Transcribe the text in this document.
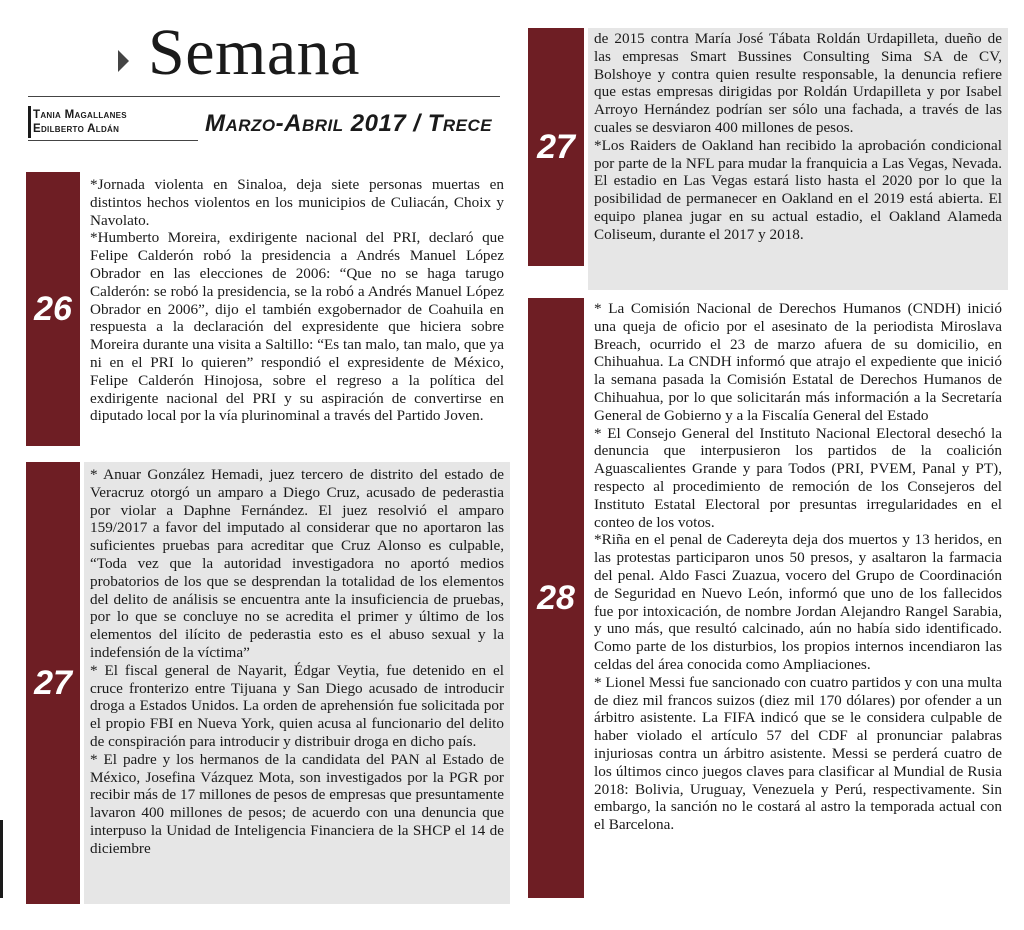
Semana
Tania Magallanes
Edilberto Aldán	Marzo-Abril 2017 / Trece
26

*Jornada violenta en Sinaloa, deja siete personas muertas en distintos hechos violentos en los municipios de Culiacán, Choix y Navolato.

*Humberto Moreira, exdirigente nacional del PRI, declaró que Felipe Calderón robó la presidencia a Andrés Manuel López Obrador en las elecciones de 2006: “Que no se haga tarugo Calderón: se robó la presidencia, se la robó a Andrés Manuel López Obrador en 2006”, dijo el también exgobernador de Coahuila en respuesta a la declaración del expresidente que hiciera sobre Moreira durante una visita a Saltillo: “Es tan malo, tan malo, que ya ni en el PRI lo quieren” respondió el expresidente de México, Felipe Calderón Hinojosa, sobre el regreso a la política del exdirigente nacional del PRI y su aspiración de convertirse en diputado local por la vía plurinominal a través del Partido Joven.

27

* Anuar González Hemadi, juez tercero de distrito del estado de Veracruz otorgó un amparo a Diego Cruz, acusado de pederastia por violar a Daphne Fernández. El juez resolvió el amparo 159/2017 a favor del imputado al considerar que no aportaron las suficientes pruebas para acreditar que Cruz Alonso es culpable, “Toda vez que la autoridad investigadora no aportó medios probatorios de los que se desprendan la totalidad de los elementos del delito de análisis se encuentra ante la insuficiencia de pruebas, por lo que se concluye no se acredita el primer y último de los elementos del ilícito de pederastia esto es el abuso sexual y la indefensión de la víctima”

* El fiscal general de Nayarit, Édgar Veytia, fue detenido en el cruce fronterizo entre Tijuana y San Diego acusado de introducir droga a Estados Unidos. La orden de aprehensión fue solicitada por el propio FBI en Nueva York, quien acusa al funcionario del delito de conspiración para introducir y distribuir droga en dicho país.

* El padre y los hermanos de la candidata del PAN al Estado de México, Josefina Vázquez Mota, son investigados por la PGR por recibir más de 17 millones de pesos de empresas que presuntamente lavaron 400 millones de pesos; de acuerdo con una denuncia que interpuso la Unidad de Inteligencia Financiera de la SHCP el 14 de diciembre

27

de 2015 contra María José Tábata Roldán Urdapilleta, dueño de las empresas Smart Bussines Consulting Sima SA de CV, Bolshoye y contra quien resulte responsable, la denuncia refiere que estas empresas dirigidas por Roldán Urdapilleta y por Isabel Arroyo Hernández podrían ser sólo una fachada, a través de las cuales se desviaron 400 millones de pesos.

*Los Raiders de Oakland han recibido la aprobación condicional por parte de la NFL para mudar la franquicia a Las Vegas, Nevada. El estadio en Las Vegas estará listo hasta el 2020 por lo que la posibilidad de permanecer en Oakland en el 2019 está abierta. El equipo planea jugar en su actual estadio, el Oakland Alameda Coliseum, durante el 2017 y 2018.

28

* La Comisión Nacional de Derechos Humanos (CNDH) inició una queja de oficio por el asesinato de la periodista Miroslava Breach, ocurrido el 23 de marzo afuera de su domicilio, en Chihuahua. La CNDH informó que atrajo el expediente que inició la semana pasada la Comisión Estatal de Derechos Humanos de Chihuahua, por lo que solicitarán más información a la Secretaría General de Gobierno y a la Fiscalía General del Estado

* El Consejo General del Instituto Nacional Electoral desechó la denuncia que interpusieron los partidos de la coalición Aguascalientes Grande y para Todos (PRI, PVEM, Panal y PT), respecto al procedimiento de remoción de los Consejeros del Instituto Estatal Electoral por presuntas irregularidades en el conteo de los votos.

*Riña en el penal de Cadereyta deja dos muertos y 13 heridos, en las protestas participaron unos 50 presos, y asaltaron la farmacia del penal. Aldo Fasci Zuazua, vocero del Grupo de Coordinación de Seguridad en Nuevo León, informó que uno de los fallecidos fue por intoxicación, de nombre Jordan Alejandro Rangel Sarabia, y uno más, que resultó calcinado, aún no había sido identificado. Como parte de los disturbios, los propios internos incendiaron las celdas del área conocida como Ampliaciones.

* Lionel Messi fue sancionado con cuatro partidos y con una multa de diez mil francos suizos (diez mil 170 dólares) por ofender a un árbitro asistente. La FIFA indicó que se le considera culpable de haber violado el artículo 57 del CDF al pronunciar palabras injuriosas contra un árbitro asistente. Messi se perderá cuatro de los últimos cinco juegos claves para clasificar al Mundial de Rusia 2018: Bolivia, Uruguay, Venezuela y Perú, respectivamente. Sin embargo, la sanción no le costará al astro la temporada actual con el Barcelona.
